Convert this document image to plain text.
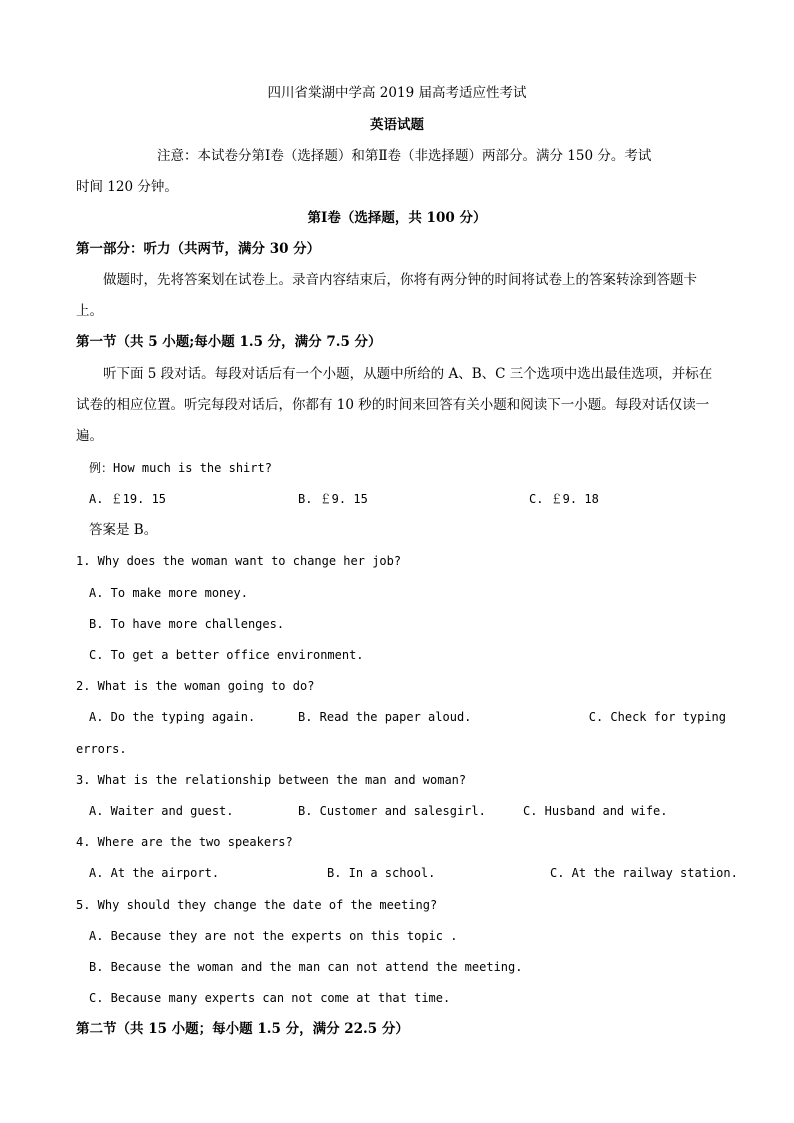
四川省棠湖中学高 2019 届高考适应性考试
英语试题
注意：本试卷分第Ⅰ卷（选择题）和第Ⅱ卷（非选择题）两部分。满分 150 分。考试
时间 120 分钟。
第Ⅰ卷（选择题，共 100 分）
第一部分：听力（共两节，满分 30 分）
做题时，先将答案划在试卷上。录音内容结束后，你将有两分钟的时间将试卷上的答案转涂到答题卡
上。
第一节（共 5 小题;每小题 1.5 分，满分 7.5 分）
听下面 5 段对话。每段对话后有一个小题，从题中所给的 A、B、C 三个选项中选出最佳选项，并标在
试卷的相应位置。听完每段对话后，你都有 10 秒的时间来回答有关小题和阅读下一小题。每段对话仅读一
遍。
例：How much is the shirt?
A. ￡19. 15	B. ￡9. 15	C. ￡9. 18
答案是 B。
1. Why does the woman want to change her job?
A. To make more money.
B. To have more challenges.
C. To get a better office environment.
2. What is the woman going to do?
A. Do the typing again.	B. Read the paper aloud.	C. Check for typing
errors.
3. What is the relationship between the man and woman?
A. Waiter and guest.	B. Customer and salesgirl.	C. Husband and wife.
4. Where are the two speakers?
A. At the airport.	B. In a school.	C. At the railway station.
5. Why should they change the date of the meeting?
A. Because they are not the experts on this topic .
B. Because the woman and the man can not attend the meeting.
C. Because many experts can not come at that time.
第二节（共 15 小题；每小题 1.5 分，满分 22.5 分）
